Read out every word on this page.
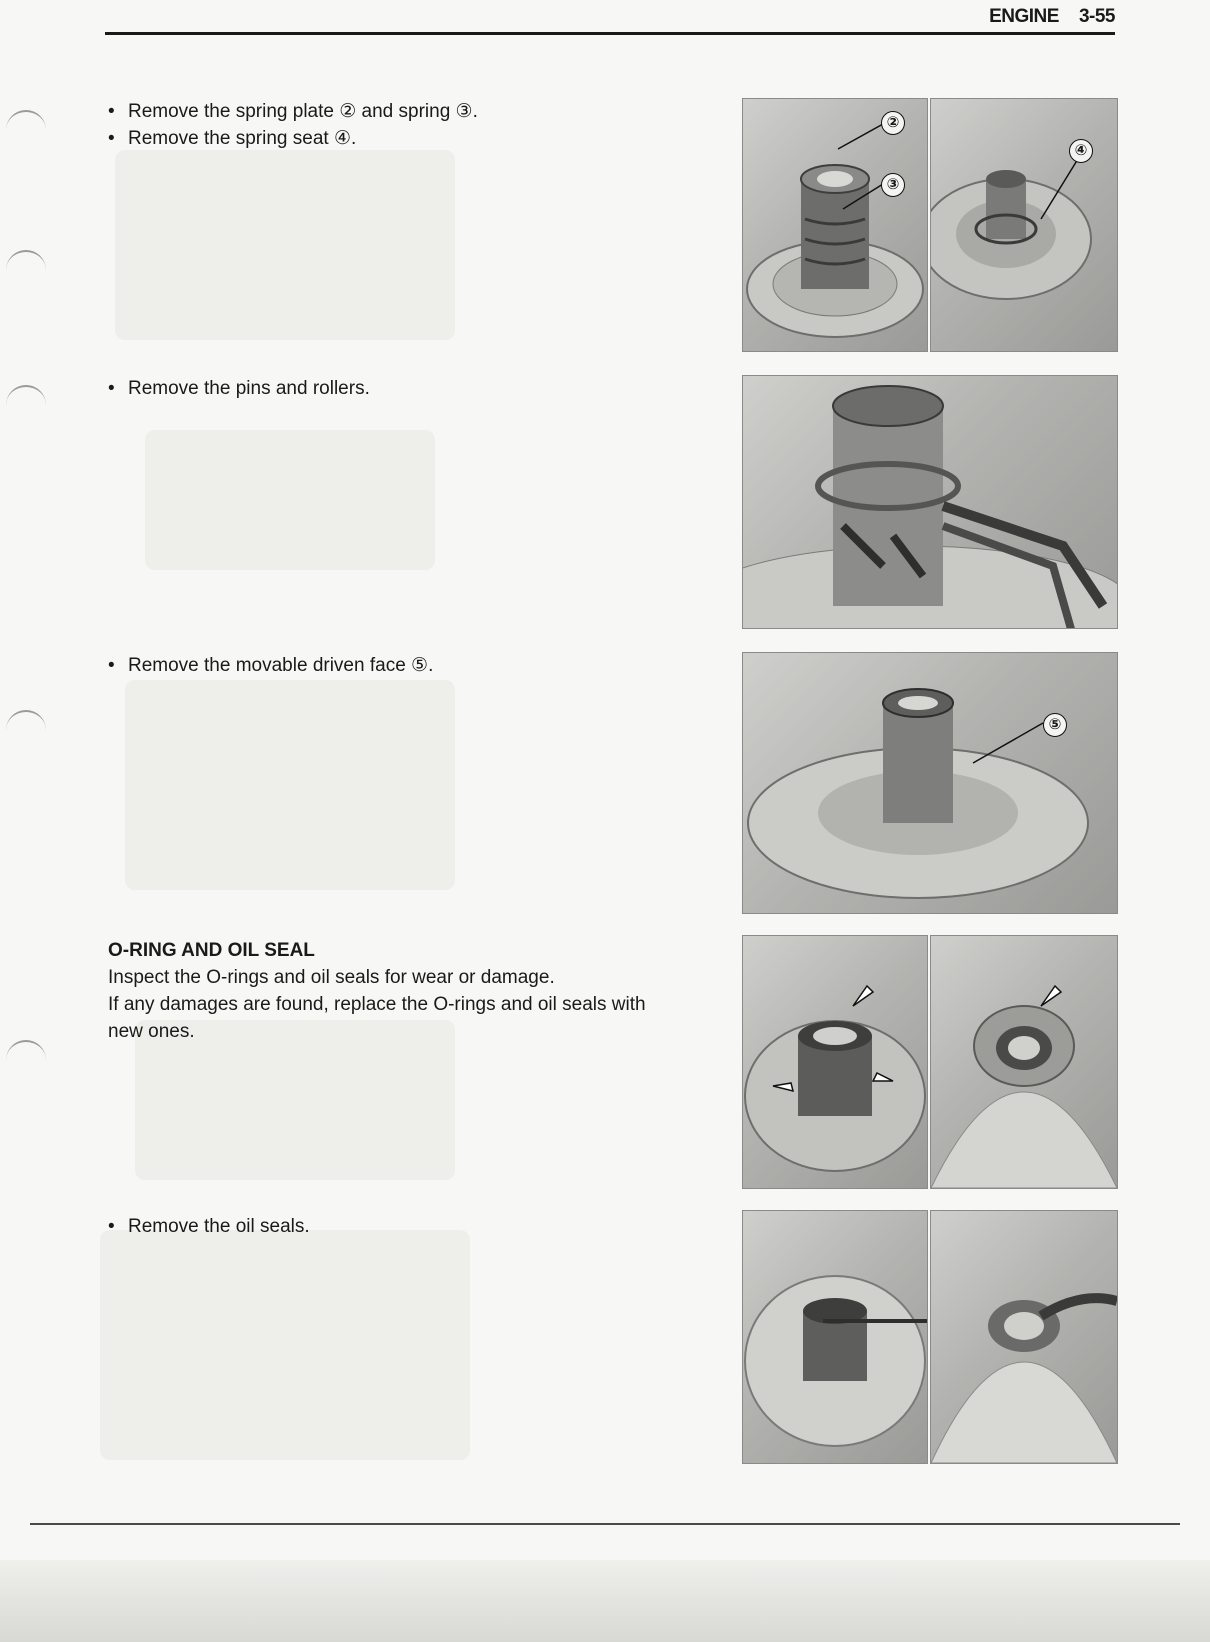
ENGINE 3-55
• Remove the spring plate ② and spring ③.
• Remove the spring seat ④.
• Remove the pins and rollers.
• Remove the movable driven face ⑤.
O-RING AND OIL SEAL
Inspect the O-rings and oil seals for wear or damage.
If any damages are found, replace the O-rings and oil seals with
new ones.
• Remove the oil seals.
②
③
④
⑤
